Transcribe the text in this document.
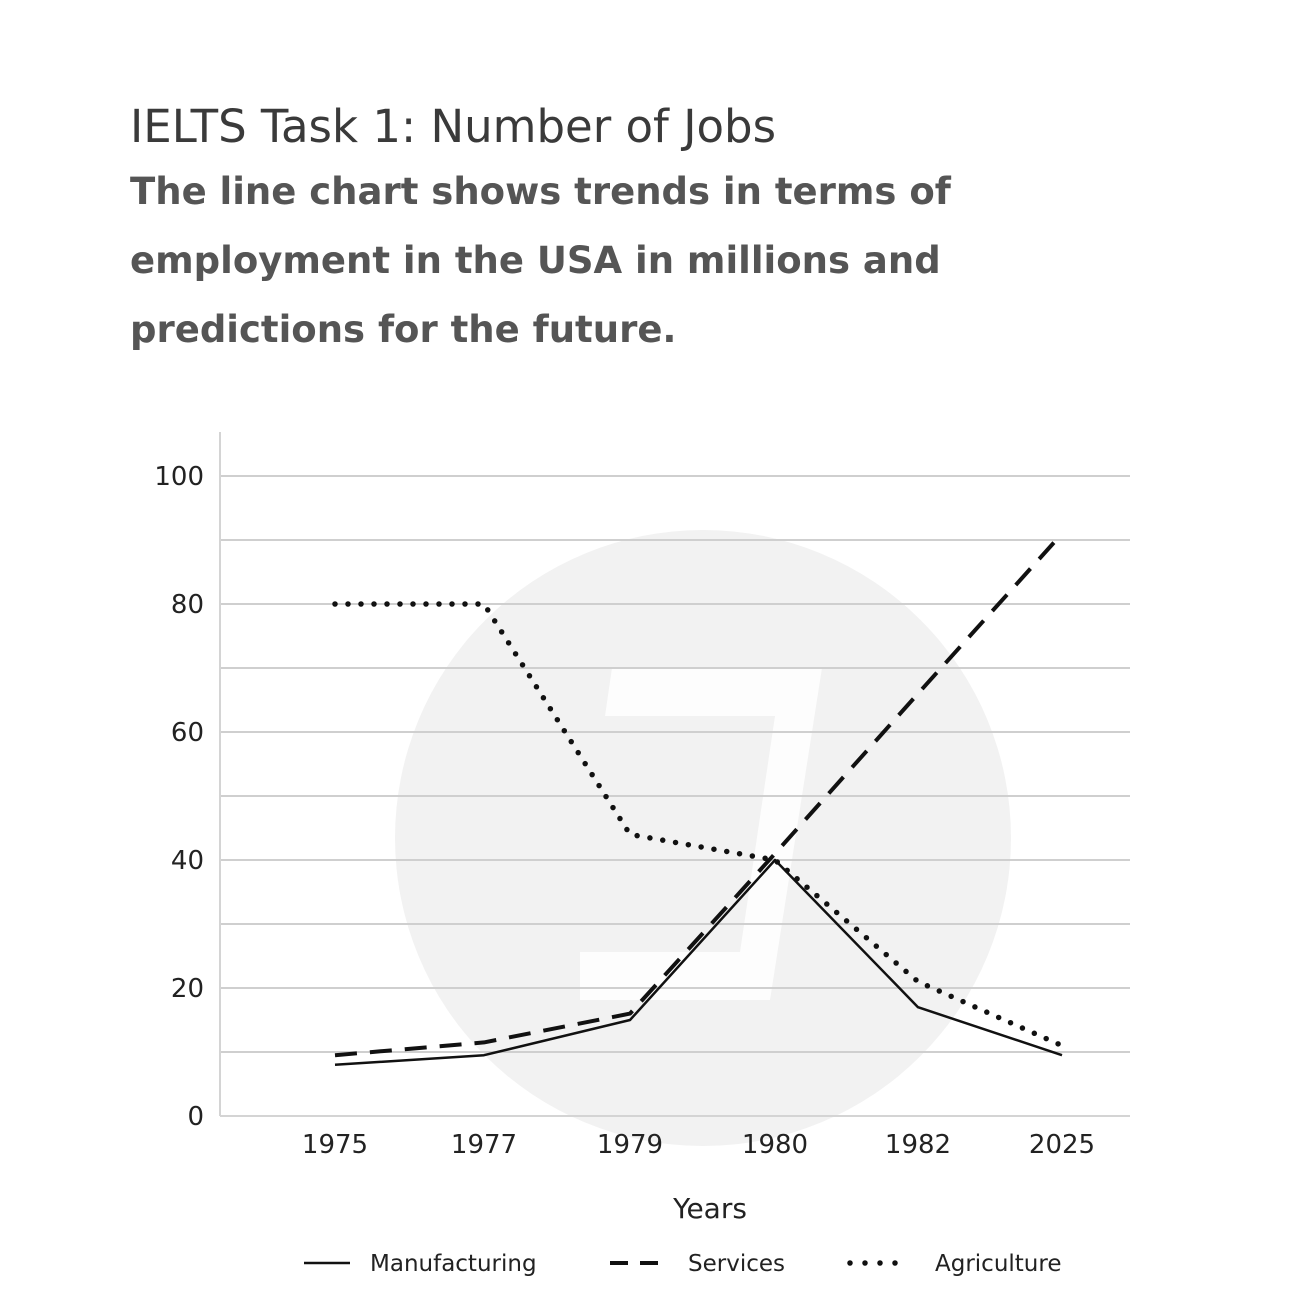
IELTS Task 1: Number of Jobs

The line chart shows trends in terms of employment in the USA in millions and predictions for the future.

0
20
40
60
80
100
1975	1977	1979	1980	1982	2025
Years
Manufacturing	Services	Agriculture
